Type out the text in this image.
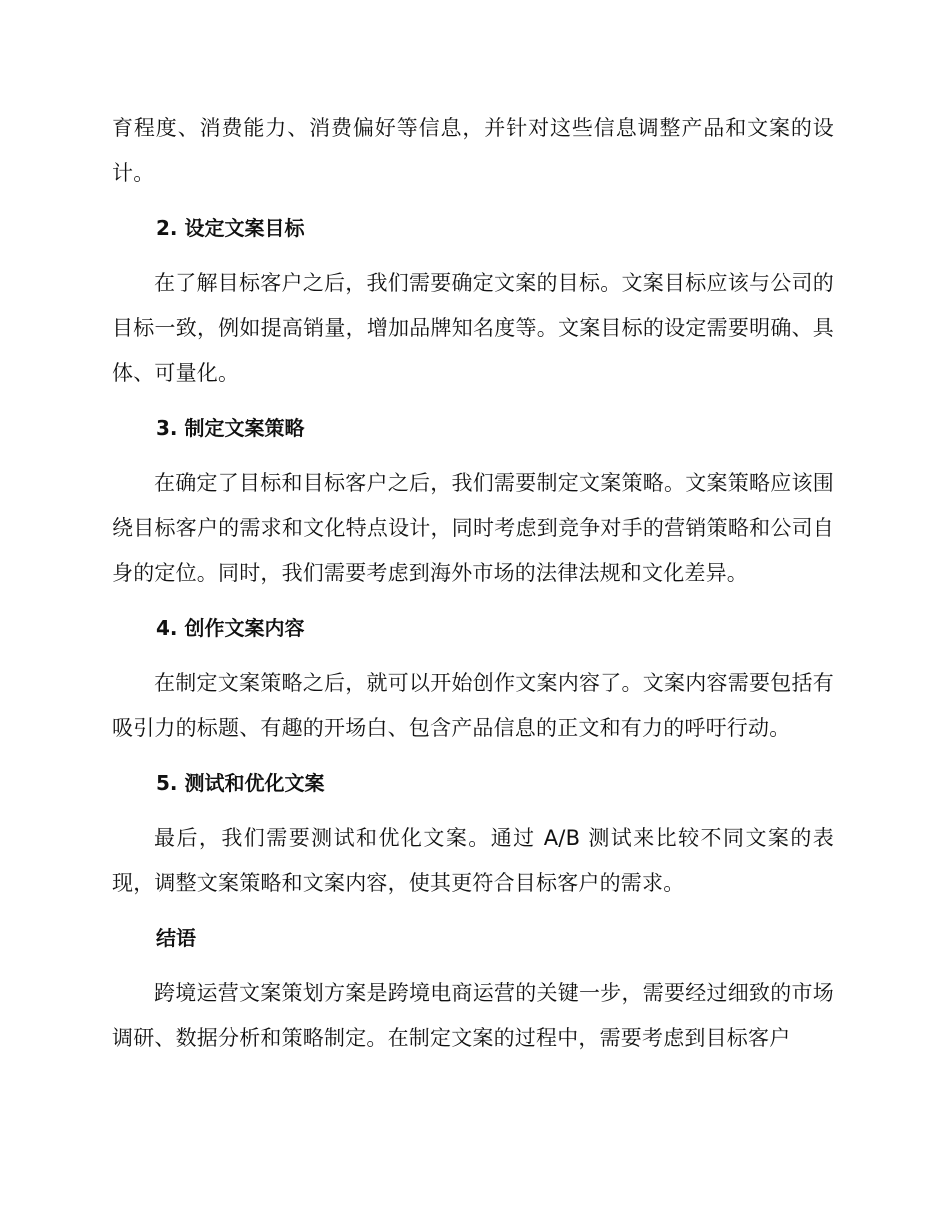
育程度、消费能力、消费偏好等信息，并针对这些信息调整产品和文案的设计。

2. 设定文案目标

在了解目标客户之后，我们需要确定文案的目标。文案目标应该与公司的目标一致，例如提高销量，增加品牌知名度等。文案目标的设定需要明确、具体、可量化。

3. 制定文案策略

在确定了目标和目标客户之后，我们需要制定文案策略。文案策略应该围绕目标客户的需求和文化特点设计，同时考虑到竞争对手的营销策略和公司自身的定位。同时，我们需要考虑到海外市场的法律法规和文化差异。

4. 创作文案内容

在制定文案策略之后，就可以开始创作文案内容了。文案内容需要包括有吸引力的标题、有趣的开场白、包含产品信息的正文和有力的呼吁行动。

5. 测试和优化文案

最后，我们需要测试和优化文案。通过 A/B 测试来比较不同文案的表现，调整文案策略和文案内容，使其更符合目标客户的需求。

结语

跨境运营文案策划方案是跨境电商运营的关键一步，需要经过细致的市场调研、数据分析和策略制定。在制定文案的过程中，需要考虑到目标客户
